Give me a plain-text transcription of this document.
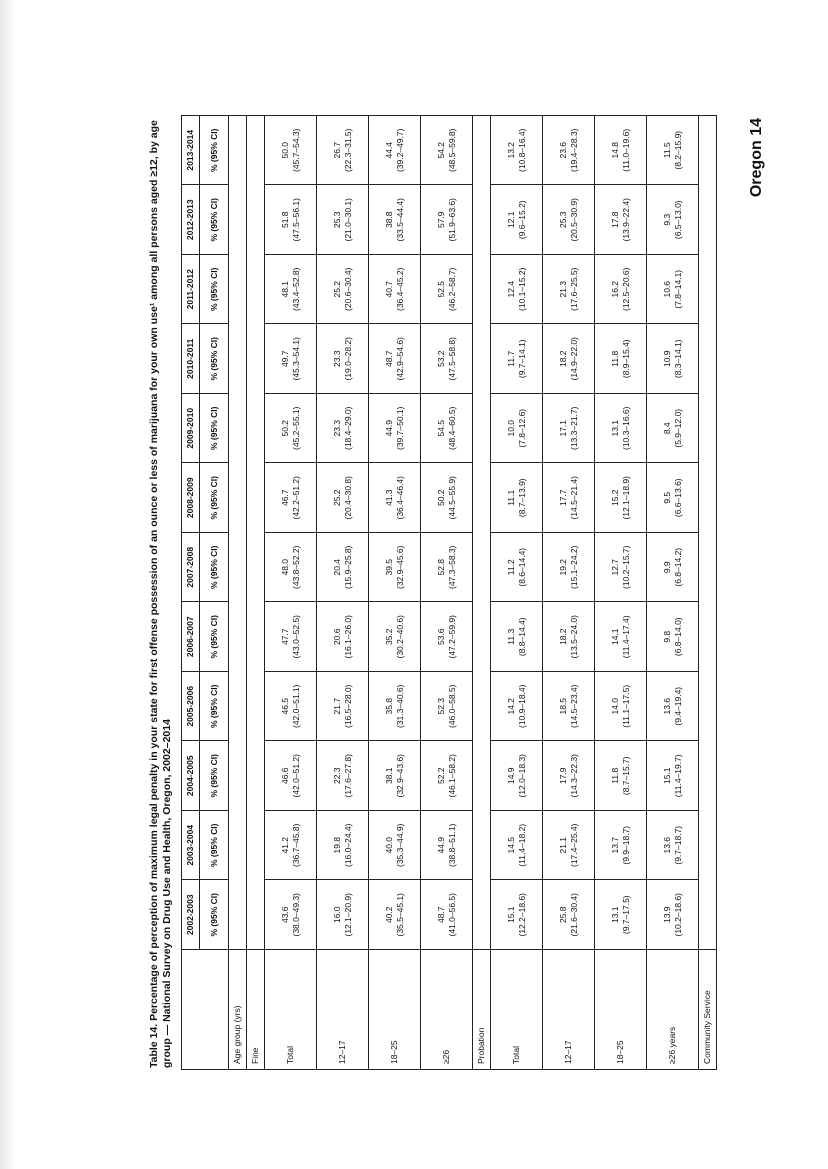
Oregon 14
Table 14. Percentage of perception of maximum legal penalty in your state for first offense possession of an ounce or less of marijuana for your own use¹ among all persons aged ≥12, by age group — National Survey on Drug Use and Health, Oregon, 2002–2014
	2002-2003	2003-2004	2004-2005	2005-2006	2006-2007	2007-2008	2008-2009	2009-2010	2010-2011	2011-2012	2012-2013	2013-2014
	% (95% CI)	% (95% CI)	% (95% CI)	% (95% CI)	% (95% CI)	% (95% CI)	% (95% CI)	% (95% CI)	% (95% CI)	% (95% CI)	% (95% CI)	% (95% CI)
Age group (yrs)												
Fine												
Total	43.6 (38.0–49.3)	41.2 (36.7–45.8)	46.6 (42.0–51.2)	46.5 (42.0–51.1)	47.7 (43.0–52.5)	48.0 (43.8–52.2)	46.7 (42.2–51.2)	50.2 (45.2–55.1)	49.7 (45.3–54.1)	48.1 (43.4–52.8)	51.8 (47.5–56.1)	50.0 (45.7–54.3)

12–17	16.0 (12.1–20.9)	19.8 (16.0–24.4)	22.3 (17.6–27.8)	21.7 (16.5–28.0)	20.6 (16.1–26.0)	20.4 (15.9–25.8)	25.2 (20.4–30.8)	23.3 (18.4–29.0)	23.3 (19.0–28.2)	25.2 (20.6–30.4)	25.3 (21.0–30.1)	26.7 (22.3–31.5)

18–25	40.2 (35.5–45.1)	40.0 (35.3–44.9)	38.1 (32.9–43.6)	35.8 (31.3–40.6)	35.2 (30.2–40.6)	39.5 (32.9–45.6)	41.3 (36.4–46.4)	44.9 (39.7–50.1)	48.7 (42.9–54.6)	40.7 (36.4–45.2)	38.8 (33.5–44.4)	44.4 (39.2–49.7)

≥26	48.7 (41.0–56.5)	44.9 (38.8–51.1)	52.2 (46.1–58.2)	52.3 (46.0–58.5)	53.6 (47.2–59.9)	52.8 (47.3–58.3)	50.2 (44.5–55.9)	54.5 (48.4–60.5)	53.2 (47.5–58.8)	52.5 (46.2–58.7)	57.9 (51.9–63.6)	54.2 (48.5–59.8)

Probation												
Total	15.1 (12.2–18.6)	14.5 (11.4–18.2)	14.9 (12.0–18.3)	14.2 (10.9–18.4)	11.3 (8.8–14.4)	11.2 (8.6–14.4)	11.1 (8.7–13.9)	10.0 (7.8–12.6)	11.7 (9.7–14.1)	12.4 (10.1–15.2)	12.1 (9.6–15.2)	13.2 (10.8–16.4)

12–17	25.8 (21.6–30.4)	21.1 (17.4–25.4)	17.9 (14.3–22.3)	18.5 (14.5–23.4)	18.2 (13.5–24.0)	19.2 (15.1–24.2)	17.7 (14.5–21.4)	17.1 (13.3–21.7)	18.2 (14.9–22.0)	21.3 (17.6–25.5)	25.3 (20.5–30.9)	23.6 (19.4–28.3)

18–25	13.1 (9.7–17.5)	13.7 (9.9–18.7)	11.8 (8.7–15.7)	14.0 (11.1–17.5)	14.1 (11.4–17.4)	12.7 (10.2–15.7)	15.2 (12.1–18.9)	13.1 (10.3–16.6)	11.8 (8.9–15.4)	16.2 (12.5–20.6)	17.8 (13.9–22.4)	14.8 (11.0–19.6)

≥26 years	13.9 (10.2–18.6)	13.6 (9.7–18.7)	15.1 (11.4–19.7)	13.6 (9.4–19.4)	9.8 (6.8–14.0)	9.9 (6.8–14.2)	9.5 (6.6–13.6)	8.4 (5.9–12.0)	10.9 (8.3–14.1)	10.6 (7.8–14.1)	9.3 (6.5–13.0)	11.5 (8.2–15.9)

Community Service												
